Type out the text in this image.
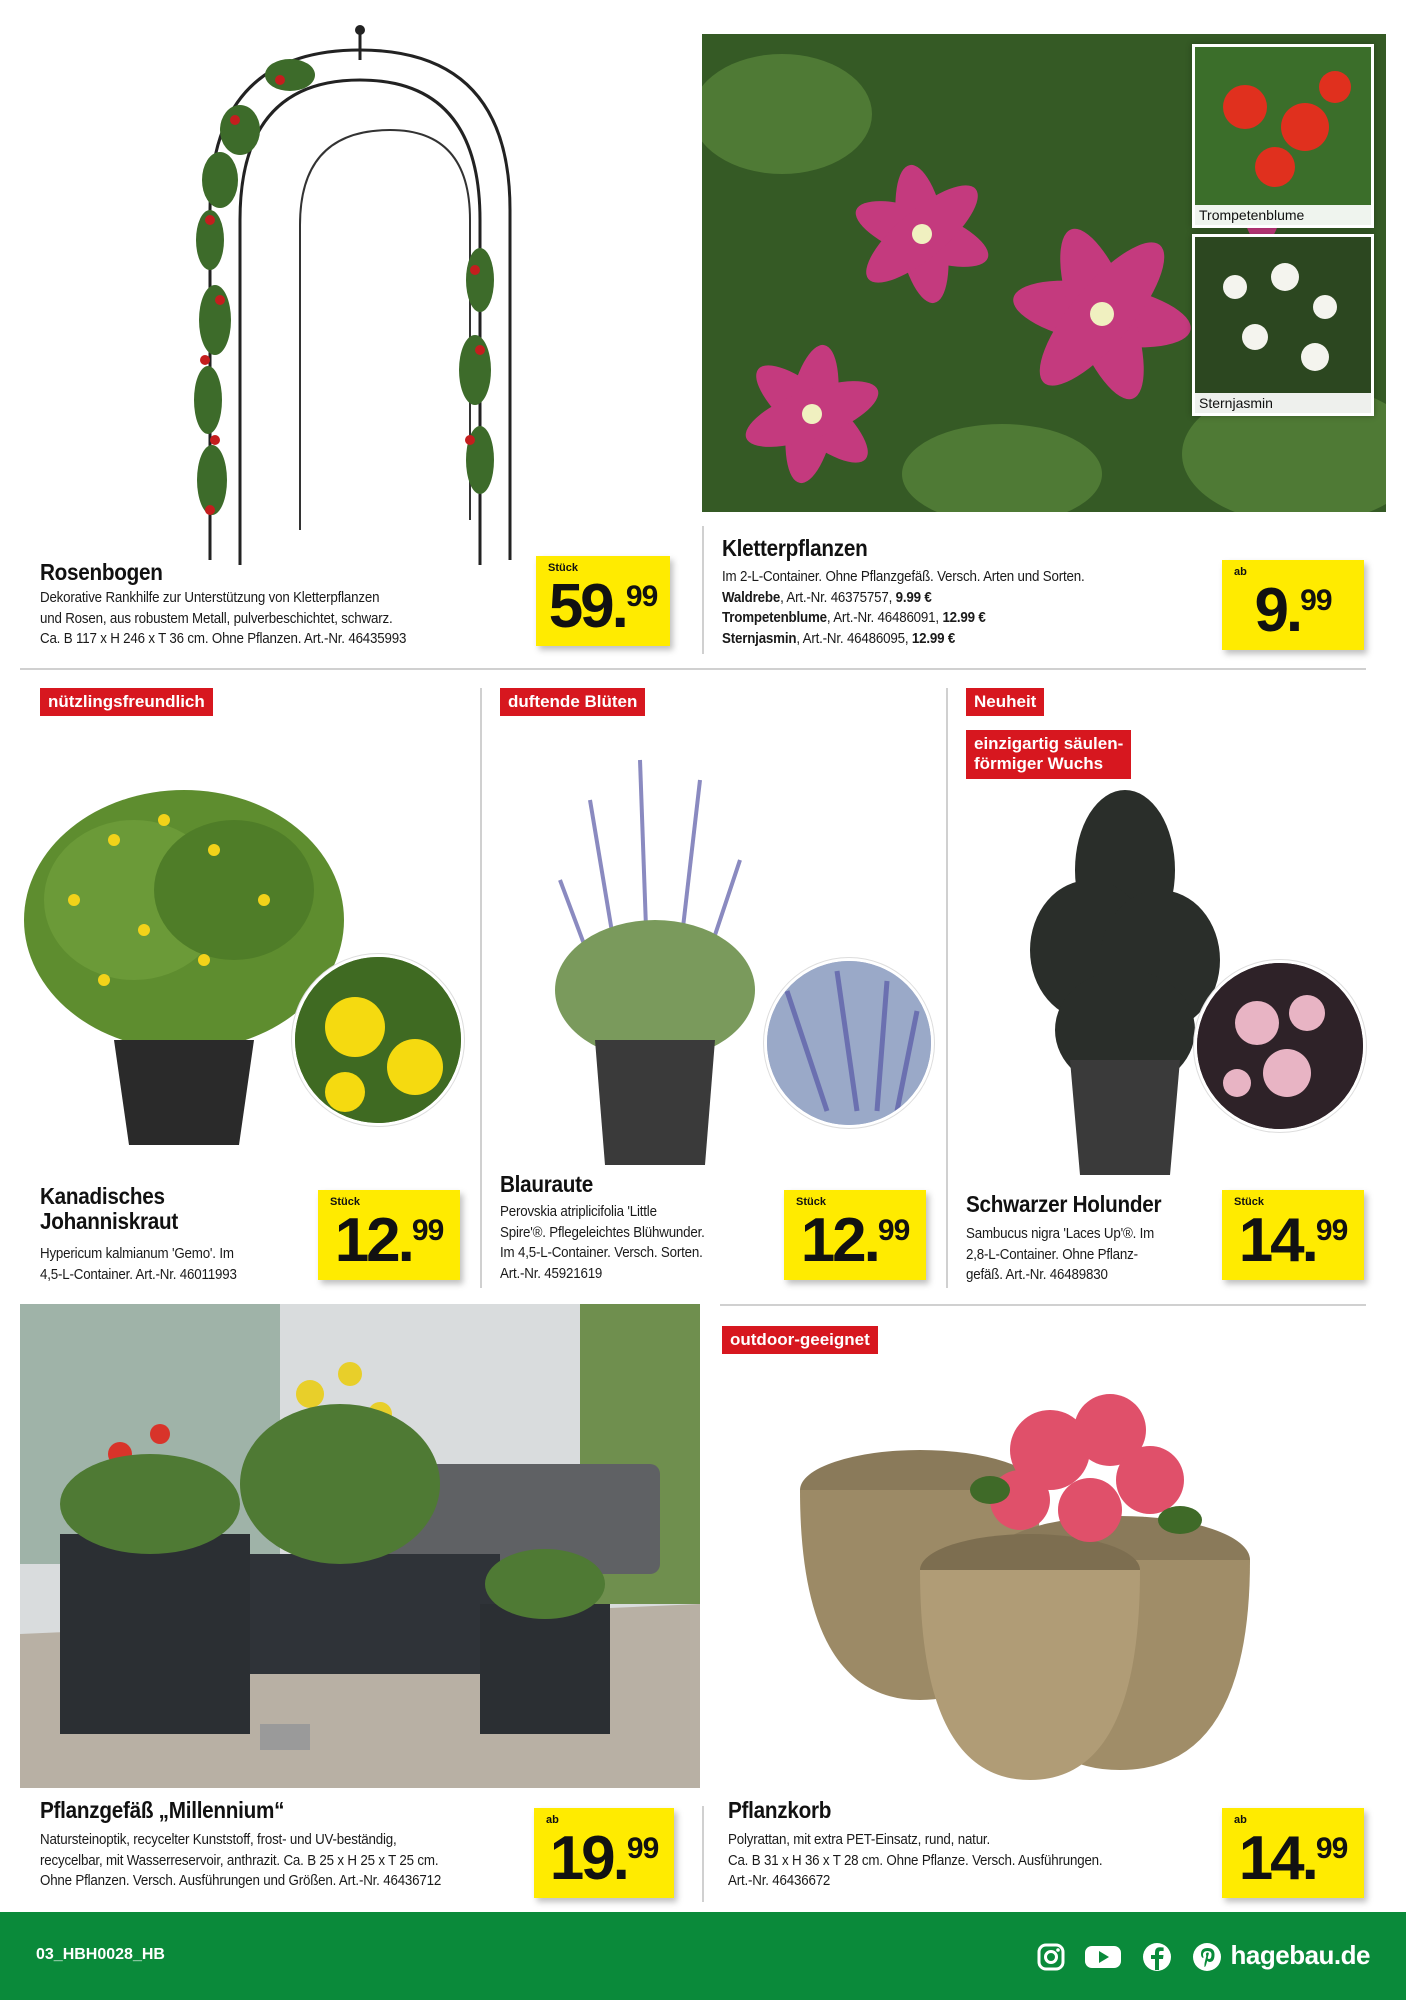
Rosenbogen
Dekorative Rankhilfe zur Unterstützung von Kletterpflanzen
und Rosen, aus robustem Metall, pulverbeschichtet, schwarz.
Ca. B 117 x H 246 x T 36 cm. Ohne Pflanzen. Art.-Nr. 46435993
Stück
59.99
Trompetenblume
Sternjasmin
Kletterpflanzen
Im 2-L-Container. Ohne Pflanzgefäß. Versch. Arten und Sorten.
Waldrebe, Art.-Nr. 46375757, 9.99 €
Trompetenblume, Art.-Nr. 46486091, 12.99 €
Sternjasmin, Art.-Nr. 46486095, 12.99 €
ab
9.99
nützlingsfreundlich
Kanadisches
Johanniskraut
Hypericum kalmianum 'Gemo'. Im
4,5-L-Container. Art.-Nr. 46011993
Stück
12.99
duftende Blüten
Blauraute
Perovskia atriplicifolia 'Little
Spire'®. Pflegeleichtes Blühwunder.
Im 4,5-L-Container. Versch. Sorten.
Art.-Nr. 45921619
Stück
12.99
Neuheit
einzigartig säulen-
förmiger Wuchs
Schwarzer Holunder
Sambucus nigra 'Laces Up'®. Im
2,8-L-Container. Ohne Pflanz-
gefäß. Art.-Nr. 46489830
Stück
14.99
Pflanzgefäß „Millennium“
Natursteinoptik, recycelter Kunststoff, frost- und UV-beständig,
recycelbar, mit Wasserreservoir, anthrazit. Ca. B 25 x H 25 x T 25 cm.
Ohne Pflanzen. Versch. Ausführungen und Größen. Art.-Nr. 46436712
ab
19.99
outdoor-geeignet
Pflanzkorb
Polyrattan, mit extra PET-Einsatz, rund, natur.
Ca. B 31 x H 36 x T 28 cm. Ohne Pflanze. Versch. Ausführungen.
Art.-Nr. 46436672
ab
14.99
03_HBH0028_HB	hagebau.de
